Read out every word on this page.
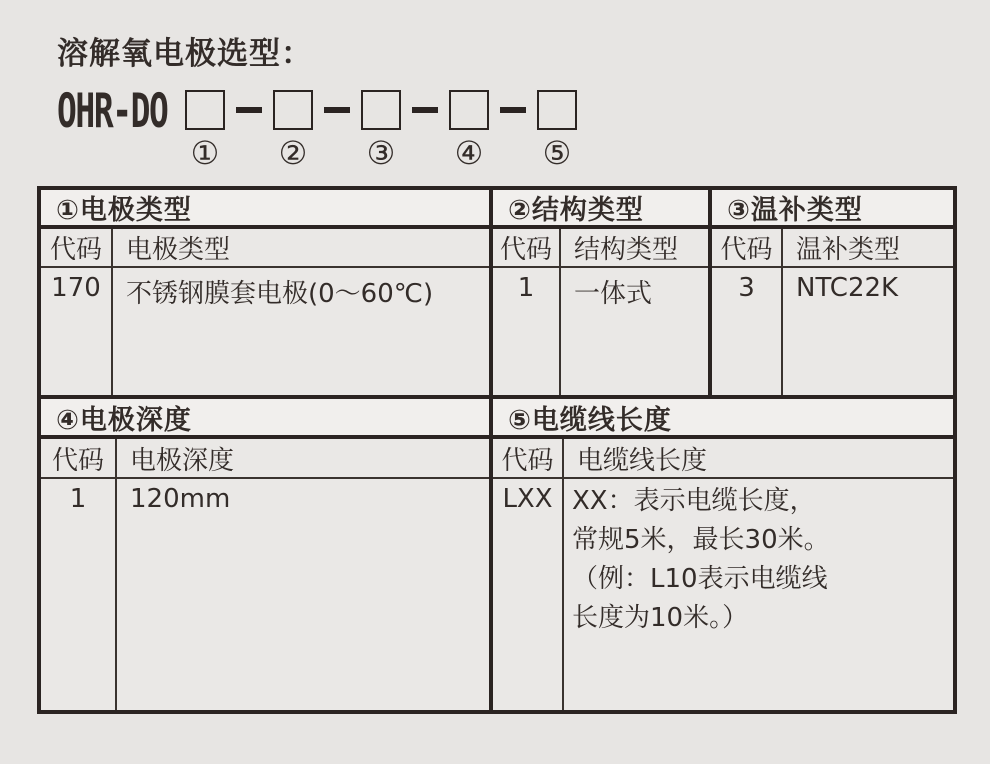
溶解氧电极选型：
OHR-DO
① ② ③ ④ ⑤
①电极类型
代码 电极类型
170 不锈钢膜套电极(0～60℃)
②结构类型
代码 结构类型
1	一体式
③温补类型
代码 温补类型
3	NTC22K
④电极深度
代码	电极深度
1	120mm
⑤电缆线长度
代码 电缆线长度
LXX XX：表示电缆长度，
常规5米，最长30米。
（例：L10表示电缆线
长度为10米。）
